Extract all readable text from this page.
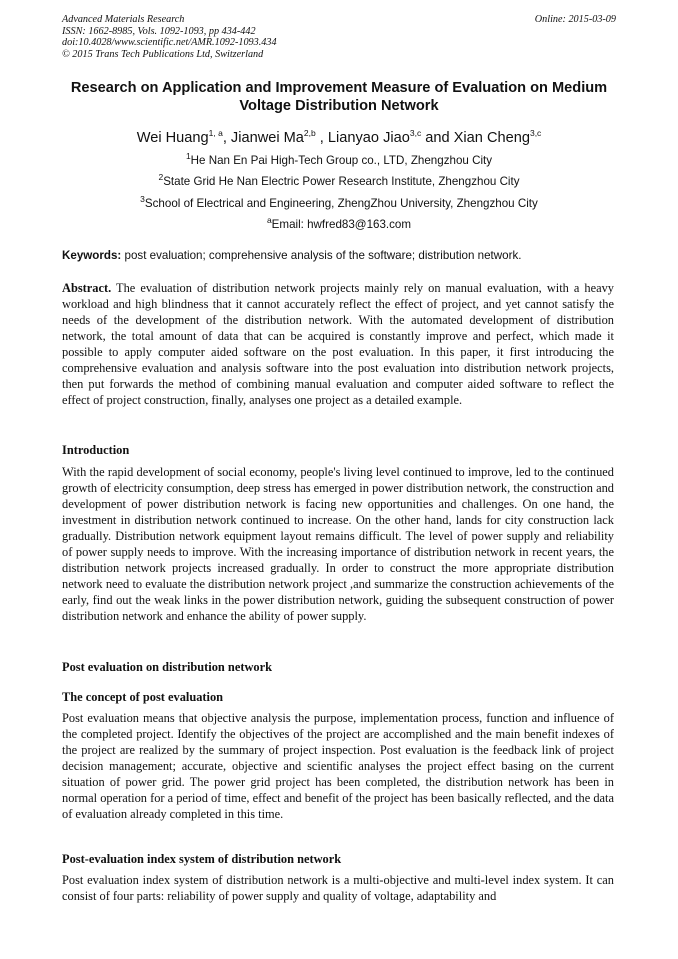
Advanced Materials Research
ISSN: 1662-8985, Vols. 1092-1093, pp 434-442
doi:10.4028/www.scientific.net/AMR.1092-1093.434
© 2015 Trans Tech Publications Ltd, Switzerland
Online: 2015-03-09
Research on Application and Improvement Measure of Evaluation on Medium Voltage Distribution Network
Wei Huang$^{1, a}$, Jianwei Ma$^{2,b}$ , Lianyao Jiao$^{3,c}$ and Xian Cheng$^{3,c}$
$^1$He Nan En Pai High-Tech Group co., LTD, Zhengzhou City
$^2$State Grid He Nan Electric Power Research Institute, Zhengzhou City
$^3$School of Electrical and Engineering, ZhengZhou University, Zhengzhou City
$^a$Email: hwfred83@163.com
Keywords: post evaluation; comprehensive analysis of the software; distribution network.
Abstract. The evaluation of distribution network projects mainly rely on manual evaluation, with a heavy workload and high blindness that it cannot accurately reflect the effect of project, and yet cannot satisfy the needs of the development of the distribution network. With the automated development of distribution network, the total amount of data that can be acquired is constantly improve and perfect, which made it possible to apply computer aided software on the post evaluation. In this paper, it first introducing the comprehensive evaluation and analysis software into the post evaluation into distribution network projects, then put forwards the method of combining manual evaluation and computer aided software to reflect the effect of project construction, finally, analyses one project as a detailed example.
Introduction
With the rapid development of social economy, people's living level continued to improve, led to the continued growth of electricity consumption, deep stress has emerged in power distribution network, the construction and development of power distribution network is facing new opportunities and challenges. On one hand, the investment in distribution network continued to increase. On the other hand, lands for city construction lack gradually. Distribution network equipment layout remains difficult. The level of power supply and reliability of power supply needs to improve. With the increasing importance of distribution network in recent years, the distribution network projects increased gradually. In order to construct the more appropriate distribution network need to evaluate the distribution network project ,and summarize the construction achievements of the early, find out the weak links in the power distribution network, guiding the subsequent construction of power distribution network and enhance the ability of power supply.
Post evaluation on distribution network
The concept of post evaluation
Post evaluation means that objective analysis the purpose, implementation process, function and influence of the completed project. Identify the objectives of the project are accomplished and the main benefit indexes of the project are realized by the summary of project inspection. Post evaluation is the feedback link of project decision management; accurate, objective and scientific analyses the project effect basing on the current situation of power grid. The power grid project has been completed, the distribution network has been in normal operation for a period of time, effect and benefit of the project has been basically reflected, and the data of evaluation already completed in this time.
Post-evaluation index system of distribution network
Post evaluation index system of distribution network is a multi-objective and multi-level index system. It can consist of four parts: reliability of power supply and quality of voltage, adaptability and
